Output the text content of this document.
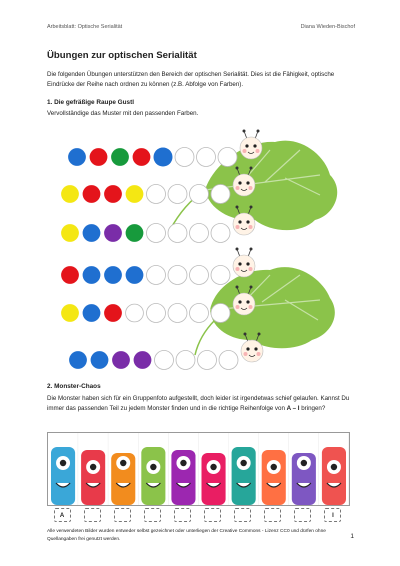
Arbeitsblatt: Optische Serialität	Diana Wieden-Bischof
Übungen zur optischen Serialität

Die folgenden Übungen unterstützen den Bereich der optischen Serialität. Dies ist die Fähigkeit, optische Eindrücke der Reihe nach ordnen zu können (z.B. Abfolge von Farben).

1. Die gefräßige Raupe Gustl

Vervollständige das Muster mit den passenden Farben.

2. Monster-Chaos

Die Monster haben sich für ein Gruppenfoto aufgestellt, doch leider ist irgendetwas schief gelaufen. Kannst Du immer das passenden Teil zu jedem Monster finden und in die richtige Reihenfolge von A – I bringen?

A	I

Alle verwendeten Bilder wurden entweder selbst gezeichnet oder unterliegen der Creative Commons - Lizenz CC0 und dürfen ohne Quellangaben frei genutzt werden.	1
